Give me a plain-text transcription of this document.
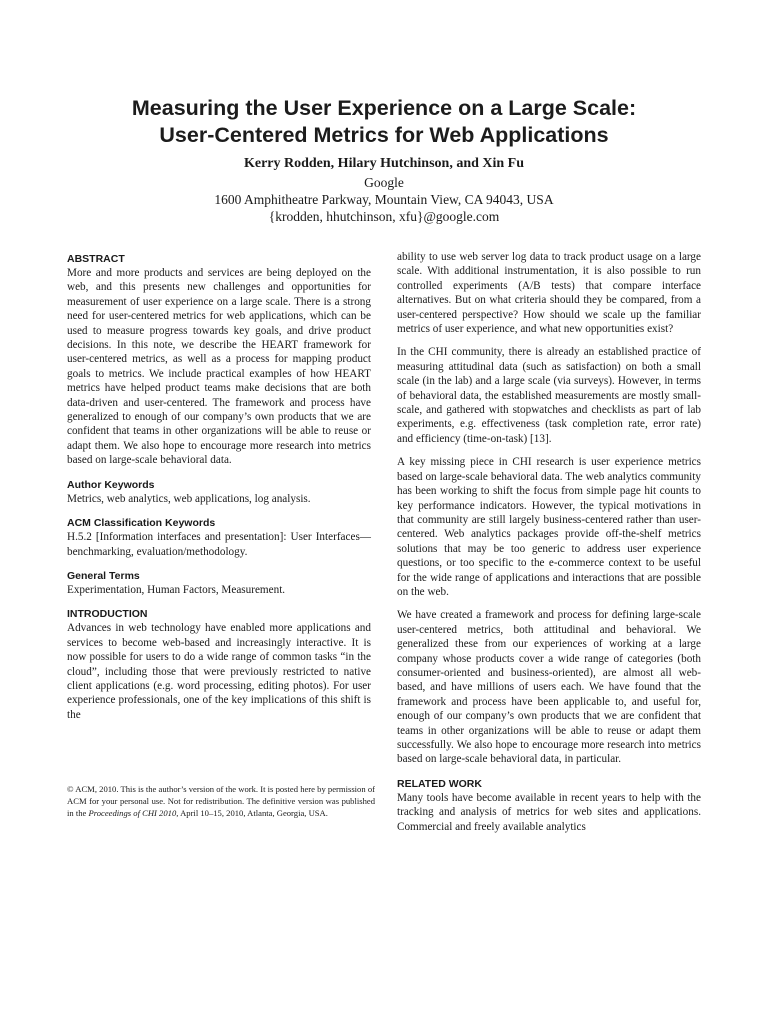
Measuring the User Experience on a Large Scale:
User-Centered Metrics for Web Applications
Kerry Rodden, Hilary Hutchinson, and Xin Fu
Google
1600 Amphitheatre Parkway, Mountain View, CA 94043, USA
{krodden, hhutchinson, xfu}@google.com
ABSTRACT

More and more products and services are being deployed on the web, and this presents new challenges and opportunities for measurement of user experience on a large scale. There is a strong need for user-centered metrics for web applications, which can be used to measure progress towards key goals, and drive product decisions. In this note, we describe the HEART framework for user-centered metrics, as well as a process for mapping product goals to metrics. We include practical examples of how HEART metrics have helped product teams make decisions that are both data-driven and user-centered. The framework and process have generalized to enough of our company’s own products that we are confident that teams in other organizations will be able to reuse or adapt them. We also hope to encourage more research into metrics based on large-scale behavioral data.

Author Keywords

Metrics, web analytics, web applications, log analysis.

ACM Classification Keywords

H.5.2 [Information interfaces and presentation]: User Interfaces—benchmarking, evaluation/methodology.

General Terms

Experimentation, Human Factors, Measurement.

INTRODUCTION

Advances in web technology have enabled more applications and services to become web-based and increasingly interactive. It is now possible for users to do a wide range of common tasks “in the cloud”, including those that were previously restricted to native client applications (e.g. word processing, editing photos). For user experience professionals, one of the key implications of this shift is the

© ACM, 2010. This is the author’s version of the work. It is posted here by permission of ACM for your personal use. Not for redistribution. The definitive version was published in the Proceedings of CHI 2010, April 10–15, 2010, Atlanta, Georgia, USA.

ability to use web server log data to track product usage on a large scale. With additional instrumentation, it is also possible to run controlled experiments (A/B tests) that compare interface alternatives. But on what criteria should they be compared, from a user-centered perspective? How should we scale up the familiar metrics of user experience, and what new opportunities exist?

In the CHI community, there is already an established practice of measuring attitudinal data (such as satisfaction) on both a small scale (in the lab) and a large scale (via surveys). However, in terms of behavioral data, the established measurements are mostly small-scale, and gathered with stopwatches and checklists as part of lab experiments, e.g. effectiveness (task completion rate, error rate) and efficiency (time-on-task) [13].

A key missing piece in CHI research is user experience metrics based on large-scale behavioral data. The web analytics community has been working to shift the focus from simple page hit counts to key performance indicators. However, the typical motivations in that community are still largely business-centered rather than user-centered. Web analytics packages provide off-the-shelf metrics solutions that may be too generic to address user experience questions, or too specific to the e-commerce context to be useful for the wide range of applications and interactions that are possible on the web.

We have created a framework and process for defining large-scale user-centered metrics, both attitudinal and behavioral. We generalized these from our experiences of working at a large company whose products cover a wide range of categories (both consumer-oriented and business-oriented), are almost all web-based, and have millions of users each. We have found that the framework and process have been applicable to, and useful for, enough of our company’s own products that we are confident that teams in other organizations will be able to reuse or adapt them successfully. We also hope to encourage more research into metrics based on large-scale behavioral data, in particular.

RELATED WORK

Many tools have become available in recent years to help with the tracking and analysis of metrics for web sites and applications. Commercial and freely available analytics
